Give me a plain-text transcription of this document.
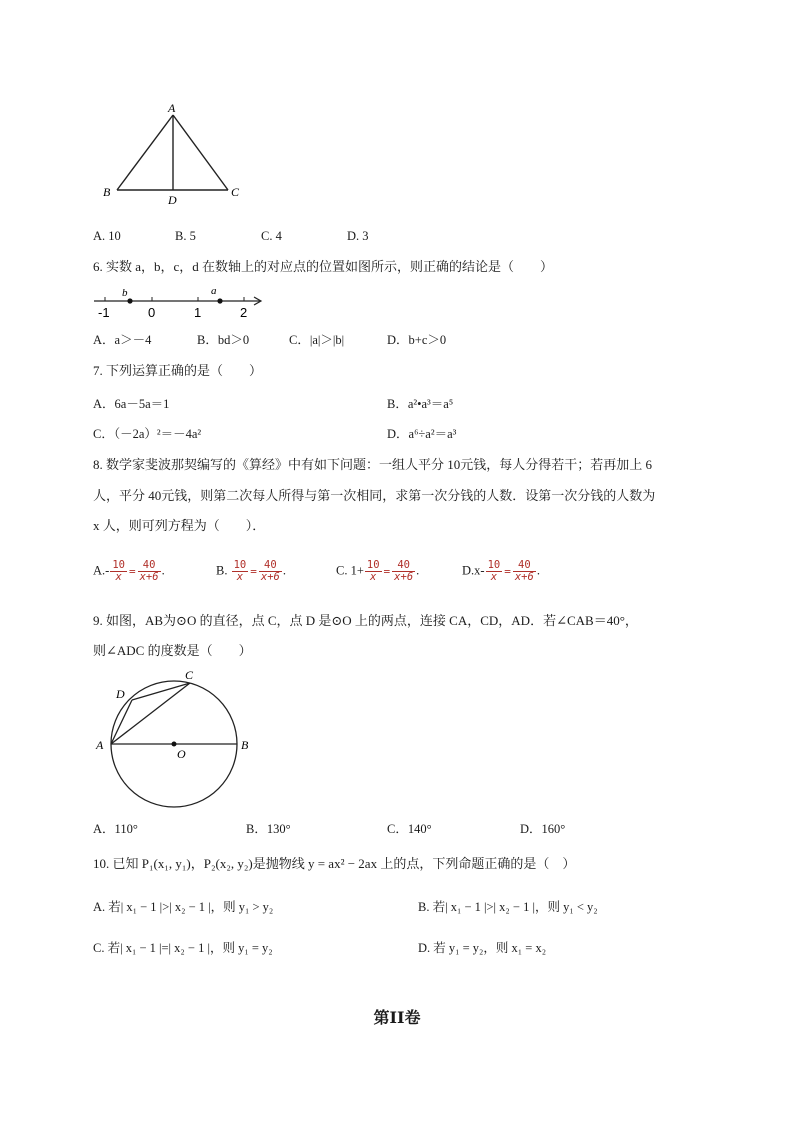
A
B	C
D
A. 10	B. 5	C. 4	D. 3
6. 实数 a，b，c，d 在数轴上的对应点的位置如图所示，则正确的结论是（　　）
b	a
-1	0	1	2
A．a＞－4	B．bd＞0	C．|a|＞|b|	D．b+c＞0
7. 下列运算正确的是（　　）
A．6a－5a＝1	B．a²•a³＝a⁵
C．（－2a）²＝－4a²	D．a⁶÷a²＝a³
8. 数学家斐波那契编写的《算经》中有如下问题：一组人平分 10元钱，每人分得若干；若再加上 6
人，平分 40元钱，则第二次每人所得与第一次相同，求第一次分钱的人数．设第一次分钱的人数为
x 人，则可列方程为（　　）．
$A.- \frac{10}{x} = \frac{40}{x+6}$ .	B. $\frac{10}{x} = \frac{40}{x+6}$ .	C. $1+ \frac{10}{x} = \frac{40}{x+6}$ .	$D.x- \frac{10}{x} = \frac{40}{x+6}$ .
9. 如图，AB为⊙O 的直径，点 C，点 D 是⊙O 上的两点，连接 CA，CD，AD．若∠CAB＝40°，
则∠ADC 的度数是（　　）
A	B
C
D
O
A．110°	B．130°	C．140°	D．160°
10. 已知 P₁(x₁, y₁)，P₂(x₂, y₂)是抛物线 y = ax² − 2ax 上的点，下列命题正确的是（　）
A. 若| x₁ − 1 |>| x₂ − 1 |，则 y₁ > y₂	B. 若| x₁ − 1 |>| x₂ − 1 |，则 y₁ < y₂
C. 若| x₁ − 1 |=| x₂ − 1 |，则 y₁ = y₂	D. 若 y₁ = y₂，则 x₁ = x₂
第II卷
